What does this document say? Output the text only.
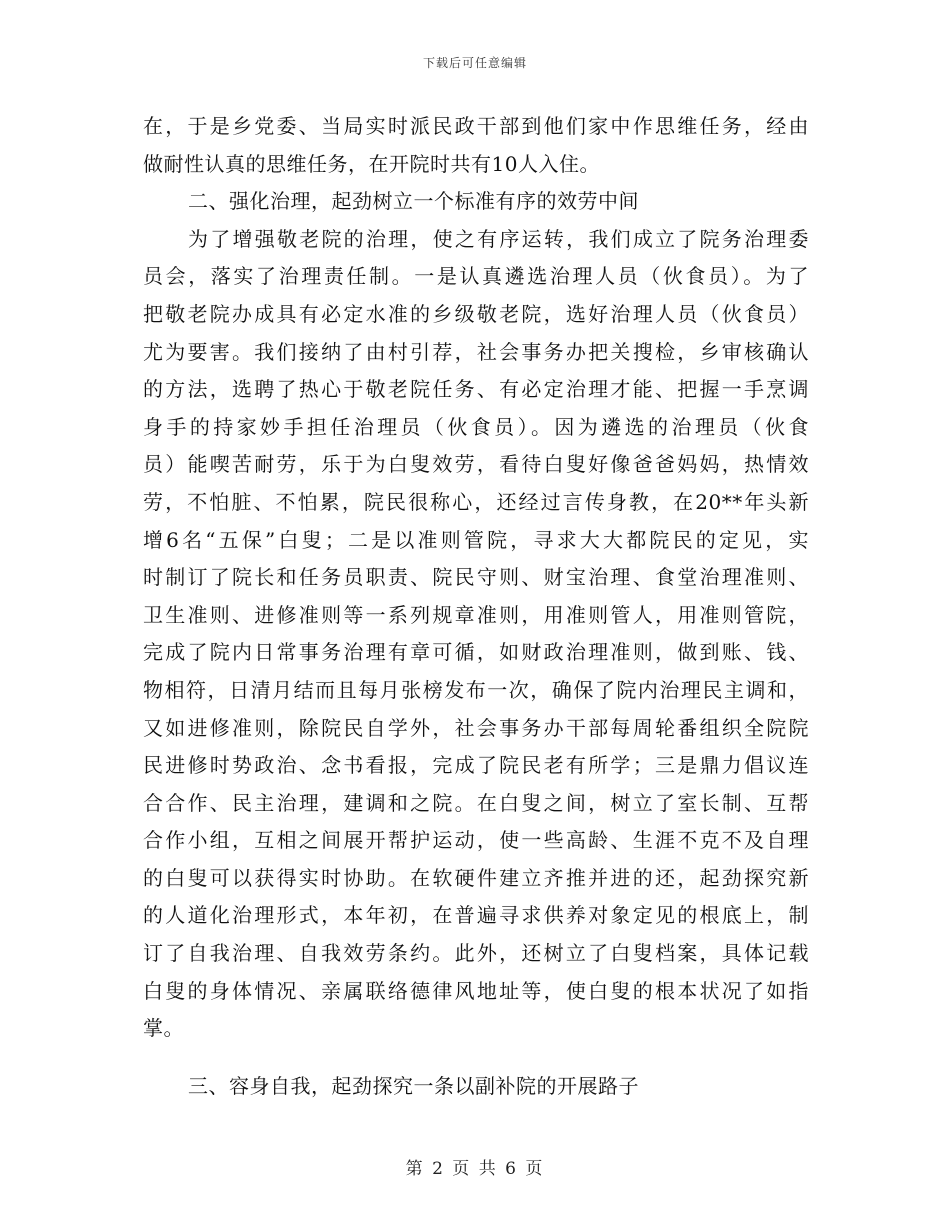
下载后可任意编辑
在，于是乡党委、当局实时派民政干部到他们家中作思维任务，经由
做耐性认真的思维任务，在开院时共有10人入住。
二、强化治理，起劲树立一个标准有序的效劳中间
为了增强敬老院的治理，使之有序运转，我们成立了院务治理委
员会，落实了治理责任制。一是认真遴选治理人员（伙食员）。为了
把敬老院办成具有必定水准的乡级敬老院，选好治理人员（伙食员）
尤为要害。我们接纳了由村引荐，社会事务办把关搜检，乡审核确认
的方法，选聘了热心于敬老院任务、有必定治理才能、把握一手烹调
身手的持家妙手担任治理员（伙食员）。因为遴选的治理员（伙食
员）能喫苦耐劳，乐于为白叟效劳，看待白叟好像爸爸妈妈，热情效
劳，不怕脏、不怕累，院民很称心，还经过言传身教，在20**年头新
增6名“五保”白叟；二是以准则管院，寻求大大都院民的定见，实
时制订了院长和任务员职责、院民守则、财宝治理、食堂治理准则、
卫生准则、进修准则等一系列规章准则，用准则管人，用准则管院，
完成了院内日常事务治理有章可循，如财政治理准则，做到账、钱、
物相符，日清月结而且每月张榜发布一次，确保了院内治理民主调和，
又如进修准则，除院民自学外，社会事务办干部每周轮番组织全院院
民进修时势政治、念书看报，完成了院民老有所学；三是鼎力倡议连
合合作、民主治理，建调和之院。在白叟之间，树立了室长制、互帮
合作小组，互相之间展开帮护运动，使一些高龄、生涯不克不及自理
的白叟可以获得实时协助。在软硬件建立齐推并进的还，起劲探究新
的人道化治理形式，本年初，在普遍寻求供养对象定见的根底上，制
订了自我治理、自我效劳条约。此外，还树立了白叟档案，具体记载
白叟的身体情况、亲属联络德律风地址等，使白叟的根本状况了如指
掌。
三、容身自我，起劲探究一条以副补院的开展路子
第 2 页 共 6 页
